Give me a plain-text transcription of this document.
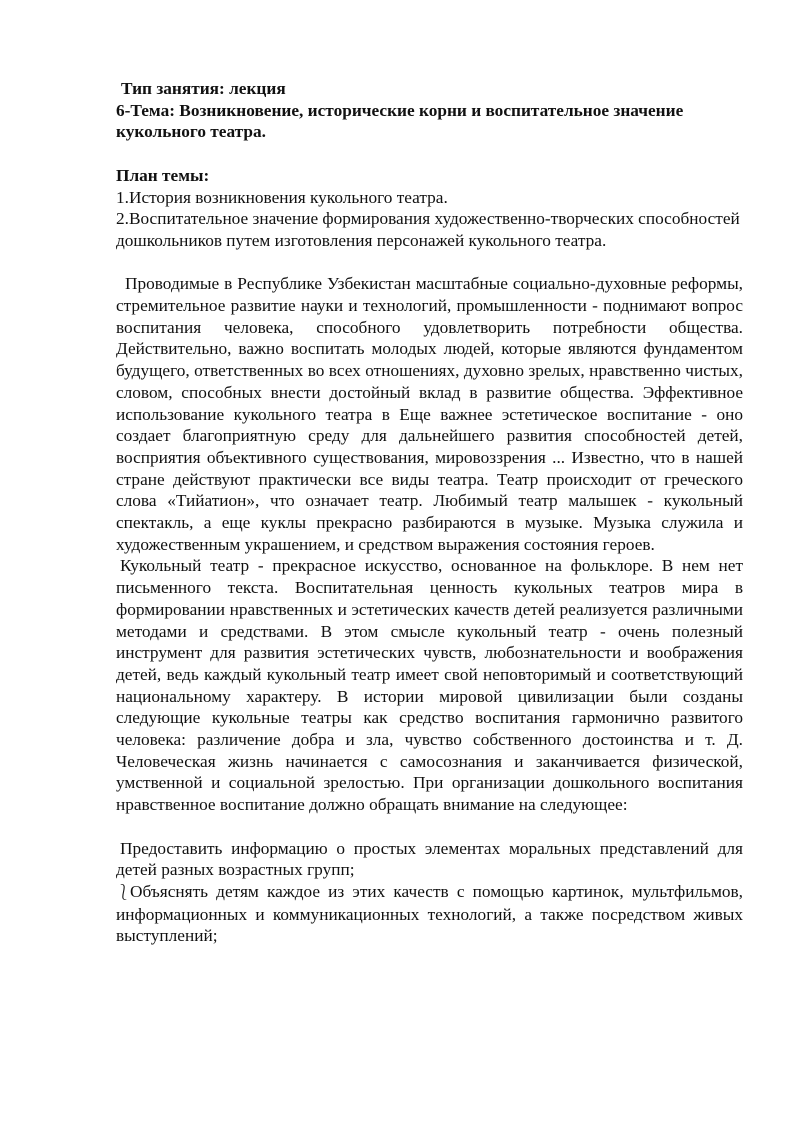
Тип занятия: лекция

6-Тема: Возникновение, исторические корни и воспитательное значение кукольного театра.

План темы:

1.История возникновения кукольного театра.

2.Воспитательное значение формирования художественно-творческих способностей дошкольников путем изготовления персонажей кукольного театра.

Проводимые в Республике Узбекистан масштабные социально-духовные реформы, стремительное развитие науки и технологий, промышленности - поднимают вопрос воспитания человека, способного удовлетворить потребности общества. Действительно, важно воспитать молодых людей, которые являются фундаментом будущего, ответственных во всех отношениях, духовно зрелых, нравственно чистых, словом, способных внести достойный вклад в развитие общества. Эффективное использование кукольного театра в Еще важнее эстетическое воспитание - оно создает благоприятную среду для дальнейшего развития способностей детей, восприятия объективного существования, мировоззрения ... Известно, что в нашей стране действуют практически все виды театра. Театр происходит от греческого слова «Тийатион», что означает театр. Любимый театр малышек - кукольный спектакль, а еще куклы прекрасно разбираются в музыке. Музыка служила и художественным украшением, и средством выражения состояния героев.

Кукольный театр - прекрасное искусство, основанное на фольклоре. В нем нет письменного текста. Воспитательная ценность кукольных театров мира в формировании нравственных и эстетических качеств детей реализуется различными методами и средствами. В этом смысле кукольный театр - очень полезный инструмент для развития эстетических чувств, любознательности и воображения детей, ведь каждый кукольный театр имеет свой неповторимый и соответствующий национальному характеру. В истории мировой цивилизации были созданы следующие кукольные театры как средство воспитания гармонично развитого человека: различение добра и зла, чувство собственного достоинства и т. Д. Человеческая жизнь начинается с самосознания и заканчивается физической, умственной и социальной зрелостью. При организации дошкольного воспитания нравственное воспитание должно обращать внимание на следующее:

Предоставить информацию о простых элементах моральных представлений для детей разных возрастных групп;

⎱Объяснять детям каждое из этих качеств с помощью картинок, мультфильмов, информационных и коммуникационных технологий, а также посредством живых выступлений;
